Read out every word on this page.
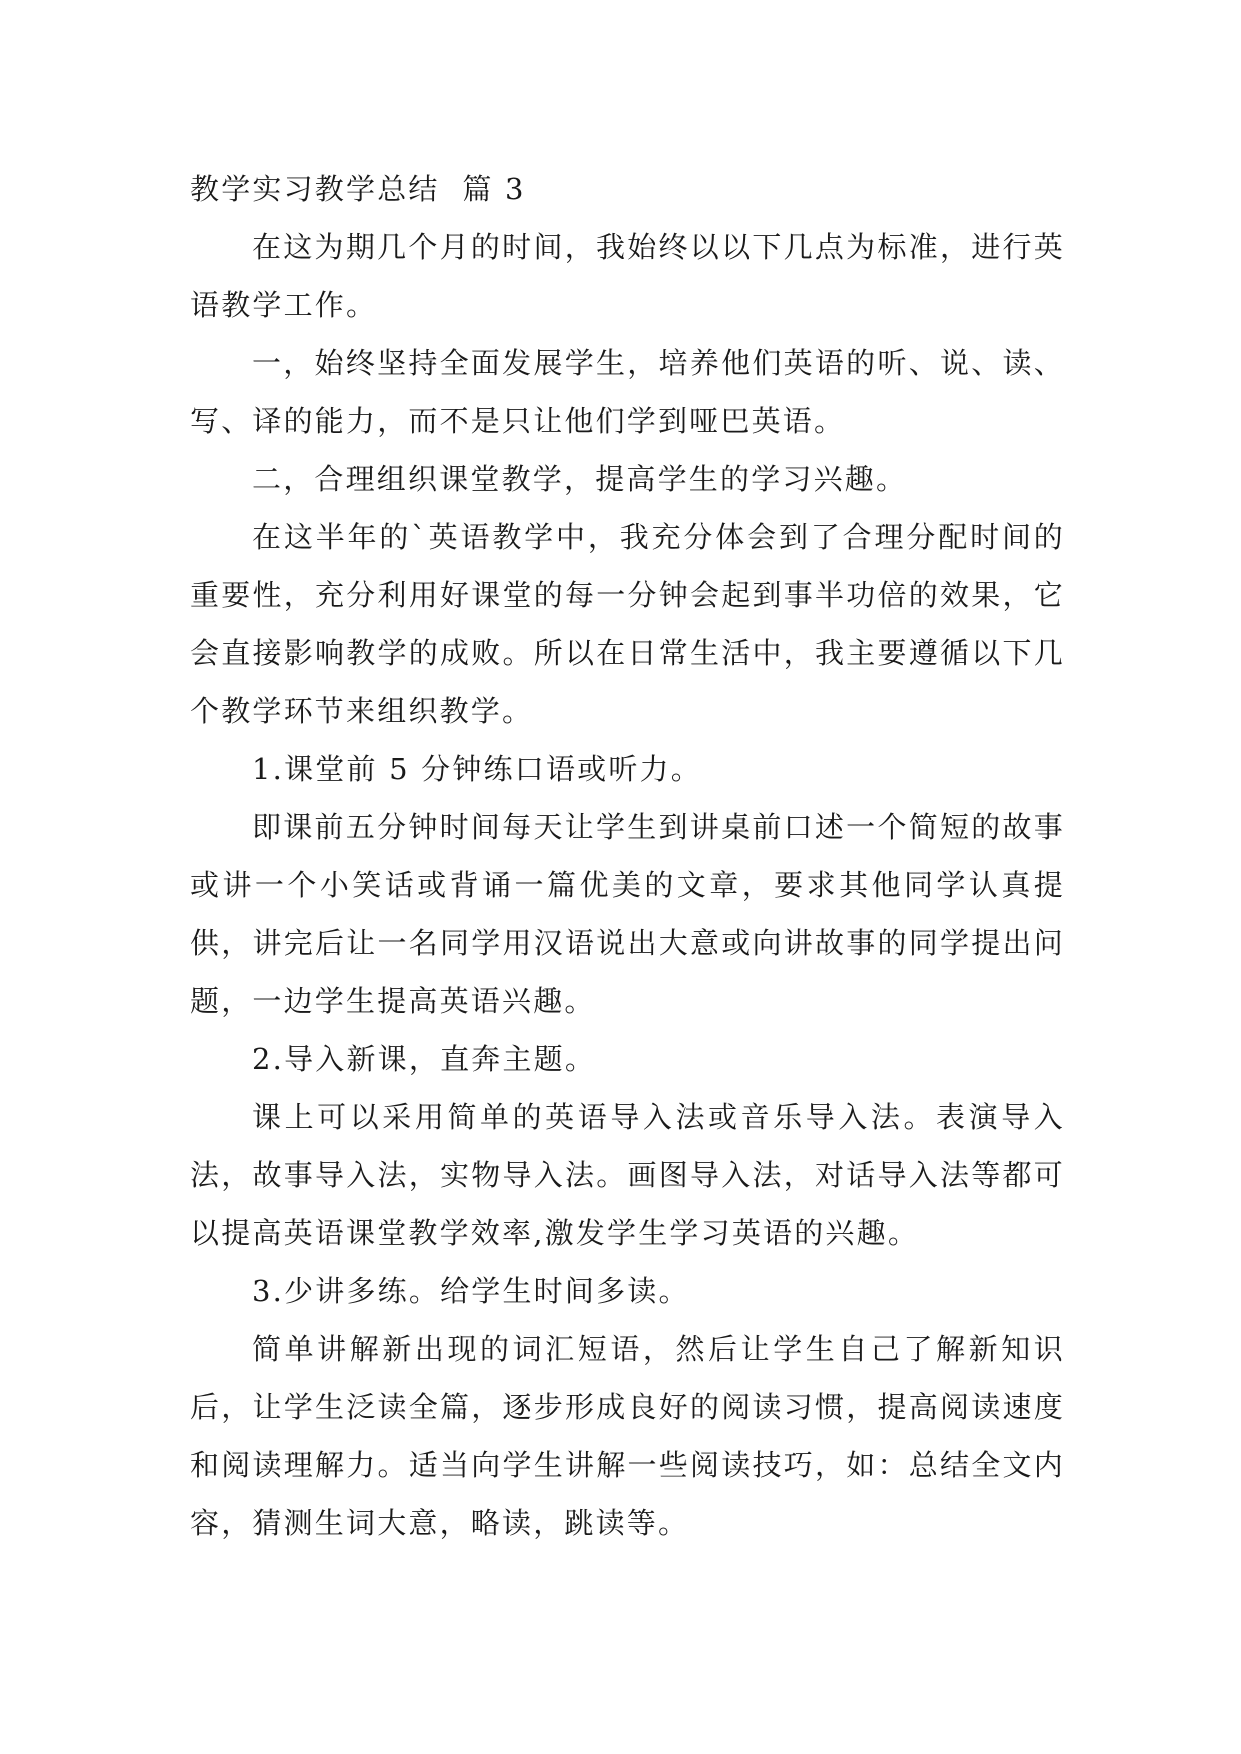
教学实习教学总结  篇 3

在这为期几个月的时间，我始终以以下几点为标准，进行英语教学工作。

一，始终坚持全面发展学生，培养他们英语的听、说、读、写、译的能力，而不是只让他们学到哑巴英语。

二，合理组织课堂教学，提高学生的学习兴趣。

在这半年的`英语教学中，我充分体会到了合理分配时间的重要性，充分利用好课堂的每一分钟会起到事半功倍的效果，它会直接影响教学的成败。所以在日常生活中，我主要遵循以下几个教学环节来组织教学。

1.课堂前 5 分钟练口语或听力。

即课前五分钟时间每天让学生到讲桌前口述一个简短的故事或讲一个小笑话或背诵一篇优美的文章，要求其他同学认真提供，讲完后让一名同学用汉语说出大意或向讲故事的同学提出问题，一边学生提高英语兴趣。

2.导入新课，直奔主题。

课上可以采用简单的英语导入法或音乐导入法。表演导入法，故事导入法，实物导入法。画图导入法，对话导入法等都可以提高英语课堂教学效率,激发学生学习英语的兴趣。

3.少讲多练。给学生时间多读。

简单讲解新出现的词汇短语，然后让学生自己了解新知识后，让学生泛读全篇，逐步形成良好的阅读习惯，提高阅读速度和阅读理解力。适当向学生讲解一些阅读技巧，如：总结全文内容，猜测生词大意，略读，跳读等。
